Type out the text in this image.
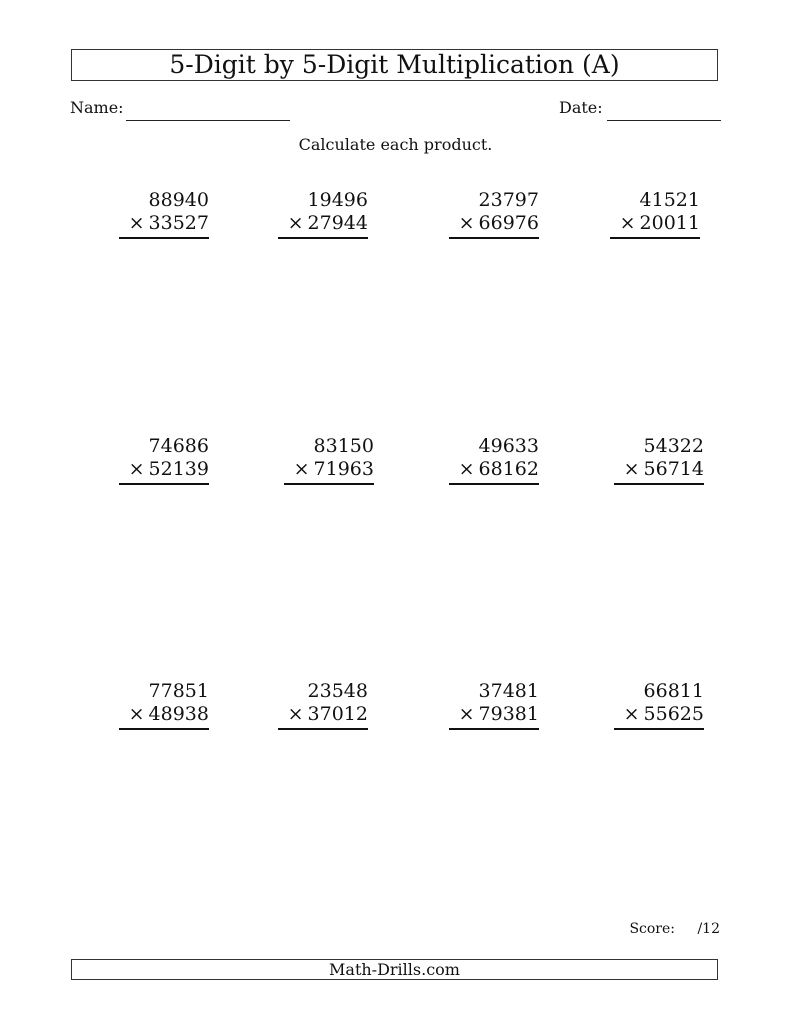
5-Digit by 5-Digit Multiplication (A)
Name:	Date:
Calculate each product.
88940
× 33527
19496
× 27944
23797
× 66976
41521
× 20011
74686
× 52139
83150
× 71963
49633
× 68162
54322
× 56714
77851
× 48938
23548
× 37012
37481
× 79381
66811
× 55625
Score: /12
Math-Drills.com
